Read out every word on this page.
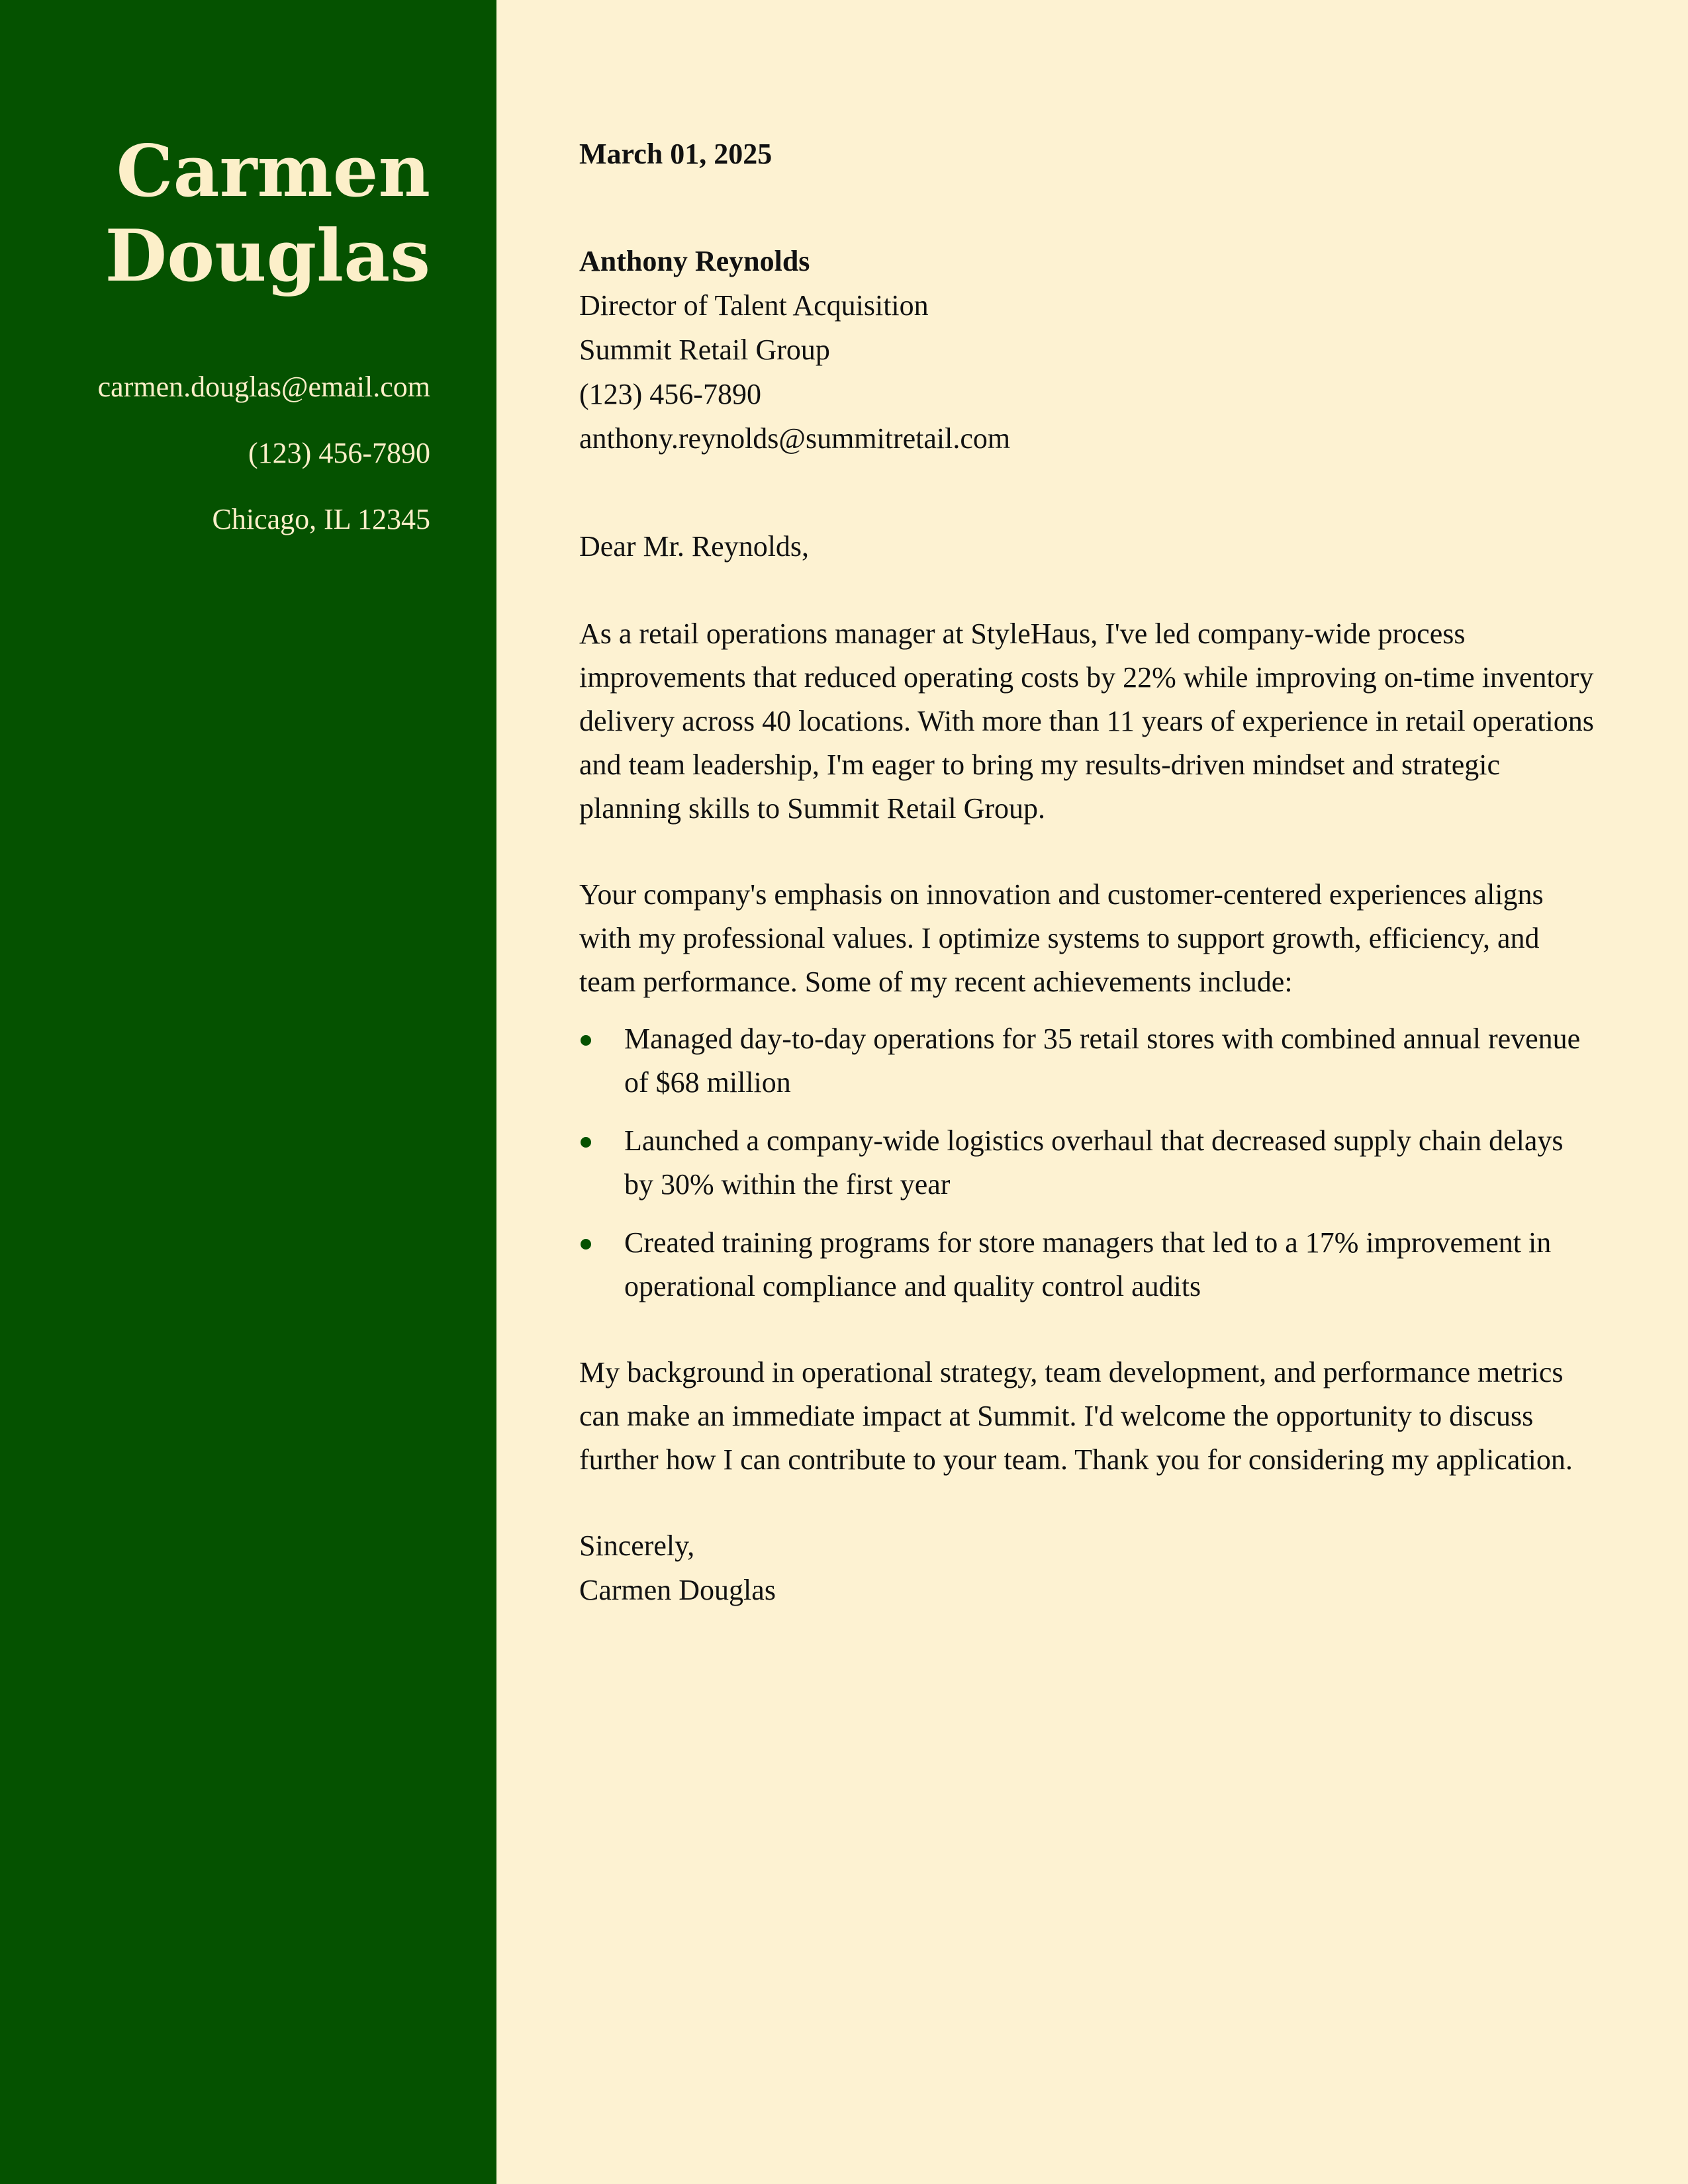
Carmen
Douglas
carmen.douglas@email.com
(123) 456-7890
Chicago, IL 12345
March 01, 2025
Anthony Reynolds
Director of Talent Acquisition
Summit Retail Group
(123) 456-7890
anthony.reynolds@summitretail.com
Dear Mr. Reynolds,

As a retail operations manager at StyleHaus, I've led company-wide process improvements that reduced operating costs by 22% while improving on-time inventory delivery across 40 locations. With more than 11 years of experience in retail operations and team leadership, I'm eager to bring my results-driven mindset and strategic planning skills to Summit Retail Group.

Your company's emphasis on innovation and customer-centered experiences aligns with my professional values. I optimize systems to support growth, efficiency, and team performance. Some of my recent achievements include:

Managed day-to-day operations for 35 retail stores with combined annual revenue of $68 million
Launched a company-wide logistics overhaul that decreased supply chain delays by 30% within the first year
Created training programs for store managers that led to a 17% improvement in operational compliance and quality control audits

My background in operational strategy, team development, and performance metrics can make an immediate impact at Summit. I'd welcome the opportunity to discuss further how I can contribute to your team. Thank you for considering my application.

Sincerely,
Carmen Douglas
